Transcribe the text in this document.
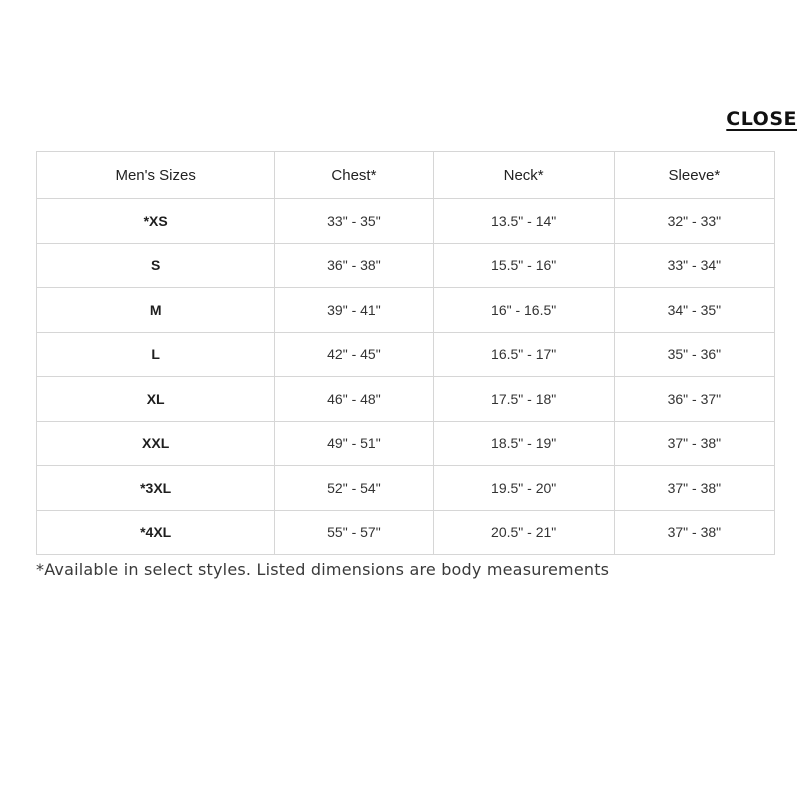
CLOSE
Men's Sizes	Chest*	Neck*	Sleeve*
*XS	33" - 35"	13.5" - 14"	32" - 33"
S	36" - 38"	15.5" - 16"	33" - 34"
M	39" - 41"	16" - 16.5"	34" - 35"
L	42" - 45"	16.5" - 17"	35" - 36"
XL	46" - 48"	17.5" - 18"	36" - 37"
XXL	49" - 51"	18.5" - 19"	37" - 38"
*3XL	52" - 54"	19.5" - 20"	37" - 38"
*4XL	55" - 57"	20.5" - 21"	37" - 38"
*Available in select styles. Listed dimensions are body measurements
